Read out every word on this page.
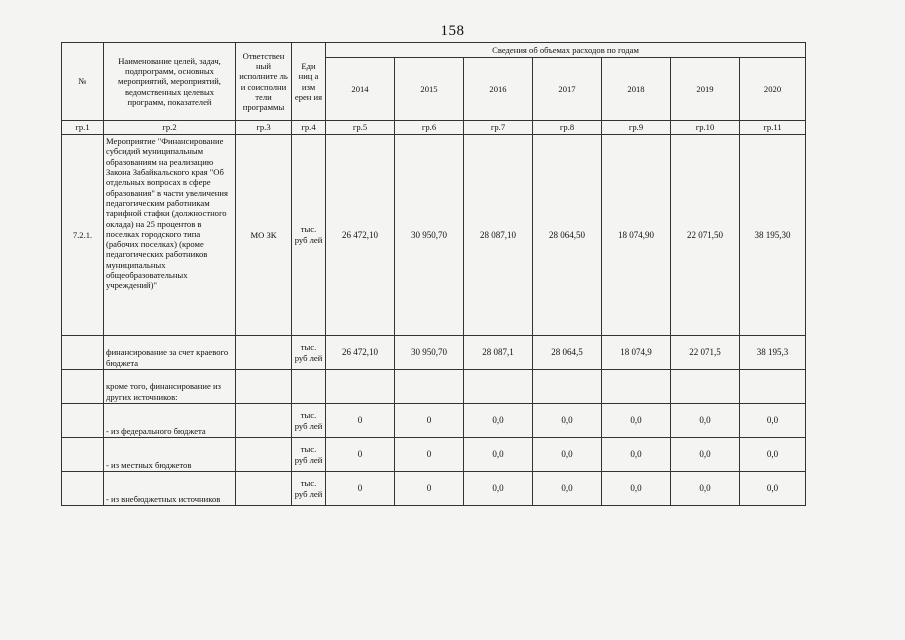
158
№	Наименование целей, задач, подпрограмм, основных мероприятий, мероприятий, ведомственных целевых программ, показателей	Ответствен ный исполните ль и соисполни тели программы	Еди ниц а изм ерен ия	Сведения об объемах расходов по годам						
				2014	2015	2016	2017	2018	2019	2020
гр.1	гр.2	гр.3	гр.4	гр.5	гр.6	гр.7	гр.8	гр.9	гр.10	гр.11
7.2.1.	Мероприятие "Финансирование субсидий муниципальным образованиям на реализацию Закона Забайкальского края "Об отдельных вопросах в сфере образования" в части увеличения педагогическим работникам тарифной стафки (должностного оклада) на 25 процентов в поселках городского типа (рабочих поселках) (кроме педагогических работников муниципальных общеобразовательных учреждений)"	МО ЗК	тыс. руб лей	26 472,10	30 950,70	28 087,10	28 064,50	18 074,90	22 071,50	38 195,30
	финансирование за счет краевого бюджета		тыс. руб лей	26 472,10	30 950,70	28 087,1	28 064,5	18 074,9	22 071,5	38 195,3
	кроме того, финансирование из других источников:									
	- из федерального бюджета		тыс. руб лей	0	0	0,0	0,0	0,0	0,0	0,0
	- из местных бюджетов		тыс. руб лей	0	0	0,0	0,0	0,0	0,0	0,0
	- из внебюджетных источников		тыс. руб лей	0	0	0,0	0,0	0,0	0,0	0,0
